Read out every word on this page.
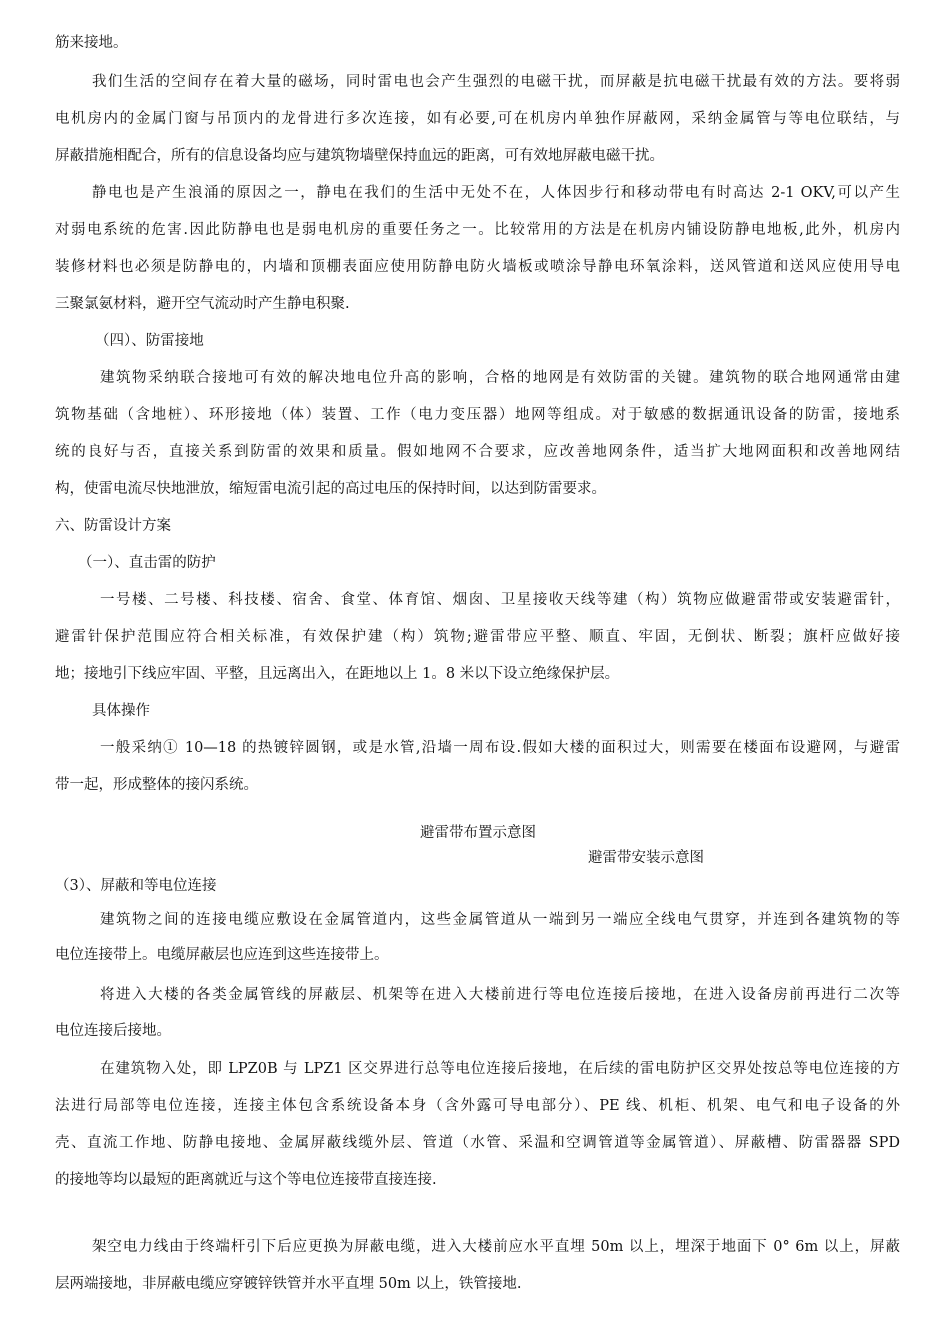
筋来接地。
我们生活的空间存在着大量的磁场，同时雷电也会产生强烈的电磁干扰，而屏蔽是抗电磁干扰最有效的方法。要将弱
电机房内的金属门窗与吊顶内的龙骨进行多次连接，如有必要,可在机房内单独作屏蔽网，采纳金属管与等电位联结，与
屏蔽措施相配合，所有的信息设备均应与建筑物墙壁保持血远的距离，可有效地屏蔽电磁干扰。
静电也是产生浪涌的原因之一，静电在我们的生活中无处不在，人体因步行和移动带电有时高达 2-1 OKV,可以产生
对弱电系统的危害.因此防静电也是弱电机房的重要任务之一。比较常用的方法是在机房内铺设防静电地板,此外，机房内
装修材料也必须是防静电的，内墙和顶棚表面应使用防静电防火墙板或喷涂导静电环氧涂料，送风管道和送风应使用导电
三聚氯氨材料，避开空气流动时产生静电积聚.
（四）、防雷接地
建筑物采纳联合接地可有效的解决地电位升高的影响，合格的地网是有效防雷的关键。建筑物的联合地网通常由建
筑物基础（含地桩）、环形接地（体）装置、工作（电力变压器）地网等组成。对于敏感的数据通讯设备的防雷，接地系
统的良好与否，直接关系到防雷的效果和质量。假如地网不合要求，应改善地网条件，适当扩大地网面积和改善地网结
构，使雷电流尽快地泄放，缩短雷电流引起的高过电压的保持时间，以达到防雷要求。
六、防雷设计方案
（一）、直击雷的防护
一号楼、二号楼、科技楼、宿舍、食堂、体育馆、烟囱、卫星接收天线等建（构）筑物应做避雷带或安装避雷针，
避雷针保护范围应符合相关标准，有效保护建（构）筑物;避雷带应平整、顺直、牢固，无倒状、断裂；旗杆应做好接
地；接地引下线应牢固、平整，且远离出入，在距地以上 1。8 米以下设立绝缘保护层。
具体操作
一般采纳① 10—18 的热镀锌圆钢，或是水管,沿墙一周布设.假如大楼的面积过大，则需要在楼面布设避网，与避雷
带一起，形成整体的接闪系统。
避雷带布置示意图
避雷带安装示意图
（3）、屏蔽和等电位连接
建筑物之间的连接电缆应敷设在金属管道内，这些金属管道从一端到另一端应全线电气贯穿，并连到各建筑物的等
电位连接带上。电缆屏蔽层也应连到这些连接带上。
将进入大楼的各类金属管线的屏蔽层、机架等在进入大楼前进行等电位连接后接地，在进入设备房前再进行二次等
电位连接后接地。
在建筑物入处，即 LPZ0B 与 LPZ1 区交界进行总等电位连接后接地，在后续的雷电防护区交界处按总等电位连接的方
法进行局部等电位连接，连接主体包含系统设备本身（含外露可导电部分）、PE 线、机柜、机架、电气和电子设备的外
壳、直流工作地、防静电接地、金属屏蔽线缆外层、管道（水管、采温和空调管道等金属管道）、屏蔽槽、防雷器器 SPD
的接地等均以最短的距离就近与这个等电位连接带直接连接.
架空电力线由于终端杆引下后应更换为屏蔽电缆，进入大楼前应水平直埋 50m 以上，埋深于地面下 0° 6m 以上，屏蔽
层两端接地，非屏蔽电缆应穿镀锌铁管并水平直埋 50m 以上，铁管接地.
